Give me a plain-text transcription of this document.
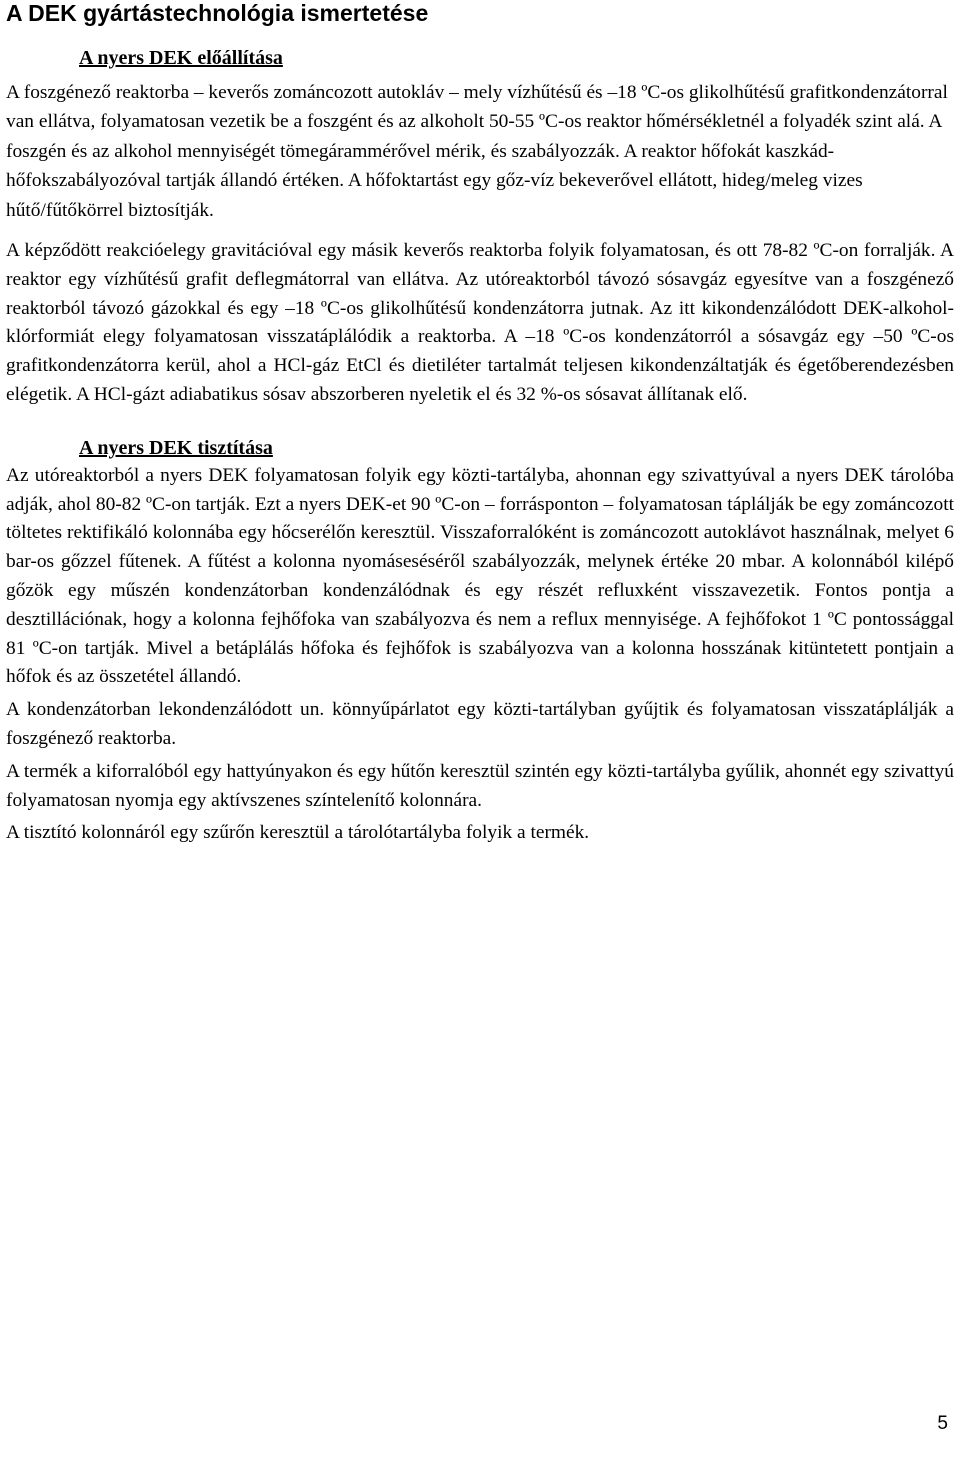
A DEK gyártástechnológia ismertetése
A nyers DEK előállítása

A foszgénező reaktorba – keverős zománcozott autokláv – mely vízhűtésű és –18 ºC-os glikolhűtésű grafitkondenzátorral van ellátva, folyamatosan vezetik be a foszgént és az alkoholt 50-55 ºC-os reaktor hőmérsékletnél a folyadék szint alá. A foszgén és az alkohol mennyiségét tömegárammérővel mérik, és szabályozzák. A reaktor hőfokát kaszkád-hőfokszabályozóval tartják állandó értéken. A hőfoktartást egy gőz-víz bekeverővel ellátott, hideg/meleg vizes hűtő/fűtőkörrel biztosítják.

A képződött reakcióelegy gravitációval egy másik keverős reaktorba folyik folyamatosan, és ott 78-82 ºC-on forralják. A reaktor egy vízhűtésű grafit deflegmátorral van ellátva. Az utóreaktorból távozó sósavgáz egyesítve van a foszgénező reaktorból távozó gázokkal és egy –18 ºC-os glikolhűtésű kondenzátorra jutnak. Az itt kikondenzálódott DEK-alkohol-klórformiát elegy folyamatosan visszatáplálódik a reaktorba. A –18 ºC-os kondenzátorról a sósavgáz egy –50 ºC-os grafitkondenzátorra kerül, ahol a HCl-gáz EtCl és dietiléter tartalmát teljesen kikondenzáltatják és égetőberendezésben elégetik. A HCl-gázt adiabatikus sósav abszorberen nyeletik el és 32 %-os sósavat állítanak elő.

A nyers DEK tisztítása

Az utóreaktorból a nyers DEK folyamatosan folyik egy közti-tartályba, ahonnan egy szivattyúval a nyers DEK tárolóba adják, ahol 80-82 ºC-on tartják. Ezt a nyers DEK-et 90 ºC-on – forrásponton – folyamatosan táplálják be egy zománcozott töltetes rektifikáló kolonnába egy hőcserélőn keresztül. Visszaforralóként is zománcozott autoklávot használnak, melyet 6 bar-os gőzzel fűtenek. A fűtést a kolonna nyomáseséséről szabályozzák, melynek értéke 20 mbar. A kolonnából kilépő gőzök egy műszén kondenzátorban kondenzálódnak és egy részét refluxként visszavezetik. Fontos pontja a desztillációnak, hogy a kolonna fejhőfoka van szabályozva és nem a reflux mennyisége. A fejhőfokot 1 ºC pontossággal 81 ºC-on tartják. Mivel a betáplálás hőfoka és fejhőfok is szabályozva van a kolonna hosszának kitüntetett pontjain a hőfok és az összetétel állandó.

A kondenzátorban lekondenzálódott un. könnyűpárlatot egy közti-tartályban gyűjtik és folyamatosan visszatáplálják a foszgénező reaktorba.

A termék a kiforralóból egy hattyúnyakon és egy hűtőn keresztül szintén egy közti-tartályba gyűlik, ahonnét egy szivattyú folyamatosan nyomja egy aktívszenes színtelenítő kolonnára.

A tisztító kolonnáról egy szűrőn keresztül a tárolótartályba folyik a termék.

5
